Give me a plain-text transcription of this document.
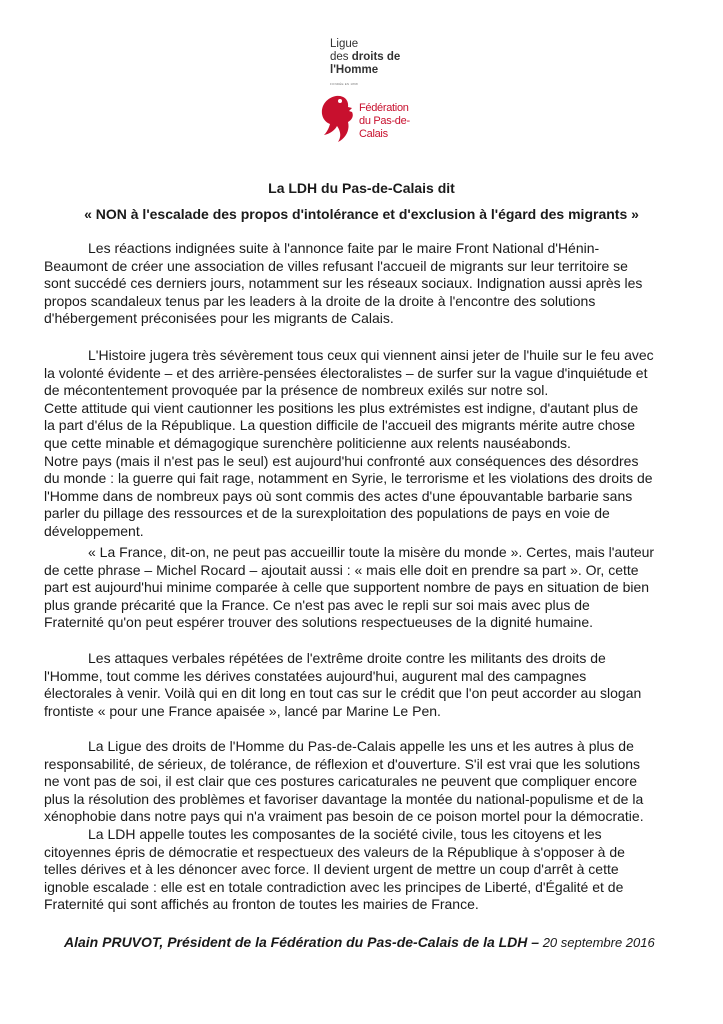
Ligue
des droits de
l'Homme
FONDÉE EN 1898
Fédération
du Pas-de-Calais
La LDH du Pas-de-Calais dit
« NON à l'escalade des propos d'intolérance et d'exclusion à l'égard des migrants »

Les réactions indignées suite à l'annonce faite par le maire Front National d'Hénin-
Beaumont de créer une association de villes refusant l'accueil de migrants sur leur territoire se
sont succédé ces derniers jours, notamment sur les réseaux sociaux. Indignation aussi après les
propos scandaleux tenus par les leaders à la droite de la droite à l'encontre des solutions
d'hébergement préconisées pour les migrants de Calais.

L'Histoire jugera très sévèrement tous ceux qui viennent ainsi jeter de l'huile sur le feu avec
la volonté évidente – et des arrière-pensées électoralistes – de surfer sur la vague d'inquiétude et
de mécontentement provoquée par la présence de nombreux exilés sur notre sol.
Cette attitude qui vient cautionner les positions les plus extrémistes est indigne, d'autant plus de
la part d'élus de la République. La question difficile de l'accueil des migrants mérite autre chose
que cette minable et démagogique surenchère politicienne aux relents nauséabonds.
Notre pays (mais il n'est pas le seul) est aujourd'hui confronté aux conséquences des désordres
du monde : la guerre qui fait rage, notamment en Syrie, le terrorisme et les violations des droits de
l'Homme dans de nombreux pays où sont commis des actes d'une épouvantable barbarie sans
parler du pillage des ressources et de la surexploitation des populations de pays en voie de
développement.

« La France, dit-on, ne peut pas accueillir toute la misère du monde ». Certes, mais l'auteur
de cette phrase – Michel Rocard – ajoutait aussi : « mais elle doit en prendre sa part ». Or, cette
part est aujourd'hui minime comparée à celle que supportent nombre de pays en situation de bien
plus grande précarité que la France. Ce n'est pas avec le repli sur soi mais avec plus de
Fraternité qu'on peut espérer trouver des solutions respectueuses de la dignité humaine.

Les attaques verbales répétées de l'extrême droite contre les militants des droits de
l'Homme, tout comme les dérives constatées aujourd'hui, augurent mal des campagnes
électorales à venir. Voilà qui en dit long en tout cas sur le crédit que l'on peut accorder au slogan
frontiste « pour une France apaisée », lancé par Marine Le Pen.

La Ligue des droits de l'Homme du Pas-de-Calais appelle les uns et les autres à plus de
responsabilité, de sérieux, de tolérance, de réflexion et d'ouverture. S'il est vrai que les solutions
ne vont pas de soi, il est clair que ces postures caricaturales ne peuvent que compliquer encore
plus la résolution des problèmes et favoriser davantage la montée du national-populisme et de la
xénophobie dans notre pays qui n'a vraiment pas besoin de ce poison mortel pour la démocratie.

La LDH appelle toutes les composantes de la société civile, tous les citoyens et les
citoyennes épris de démocratie et respectueux des valeurs de la République à s'opposer à de
telles dérives et à les dénoncer avec force. Il devient urgent de mettre un coup d'arrêt à cette
ignoble escalade : elle est en totale contradiction avec les principes de Liberté, d'Égalité et de
Fraternité qui sont affichés au fronton de toutes les mairies de France.

Alain PRUVOT, Président de la Fédération du Pas-de-Calais de la LDH – 20 septembre 2016
